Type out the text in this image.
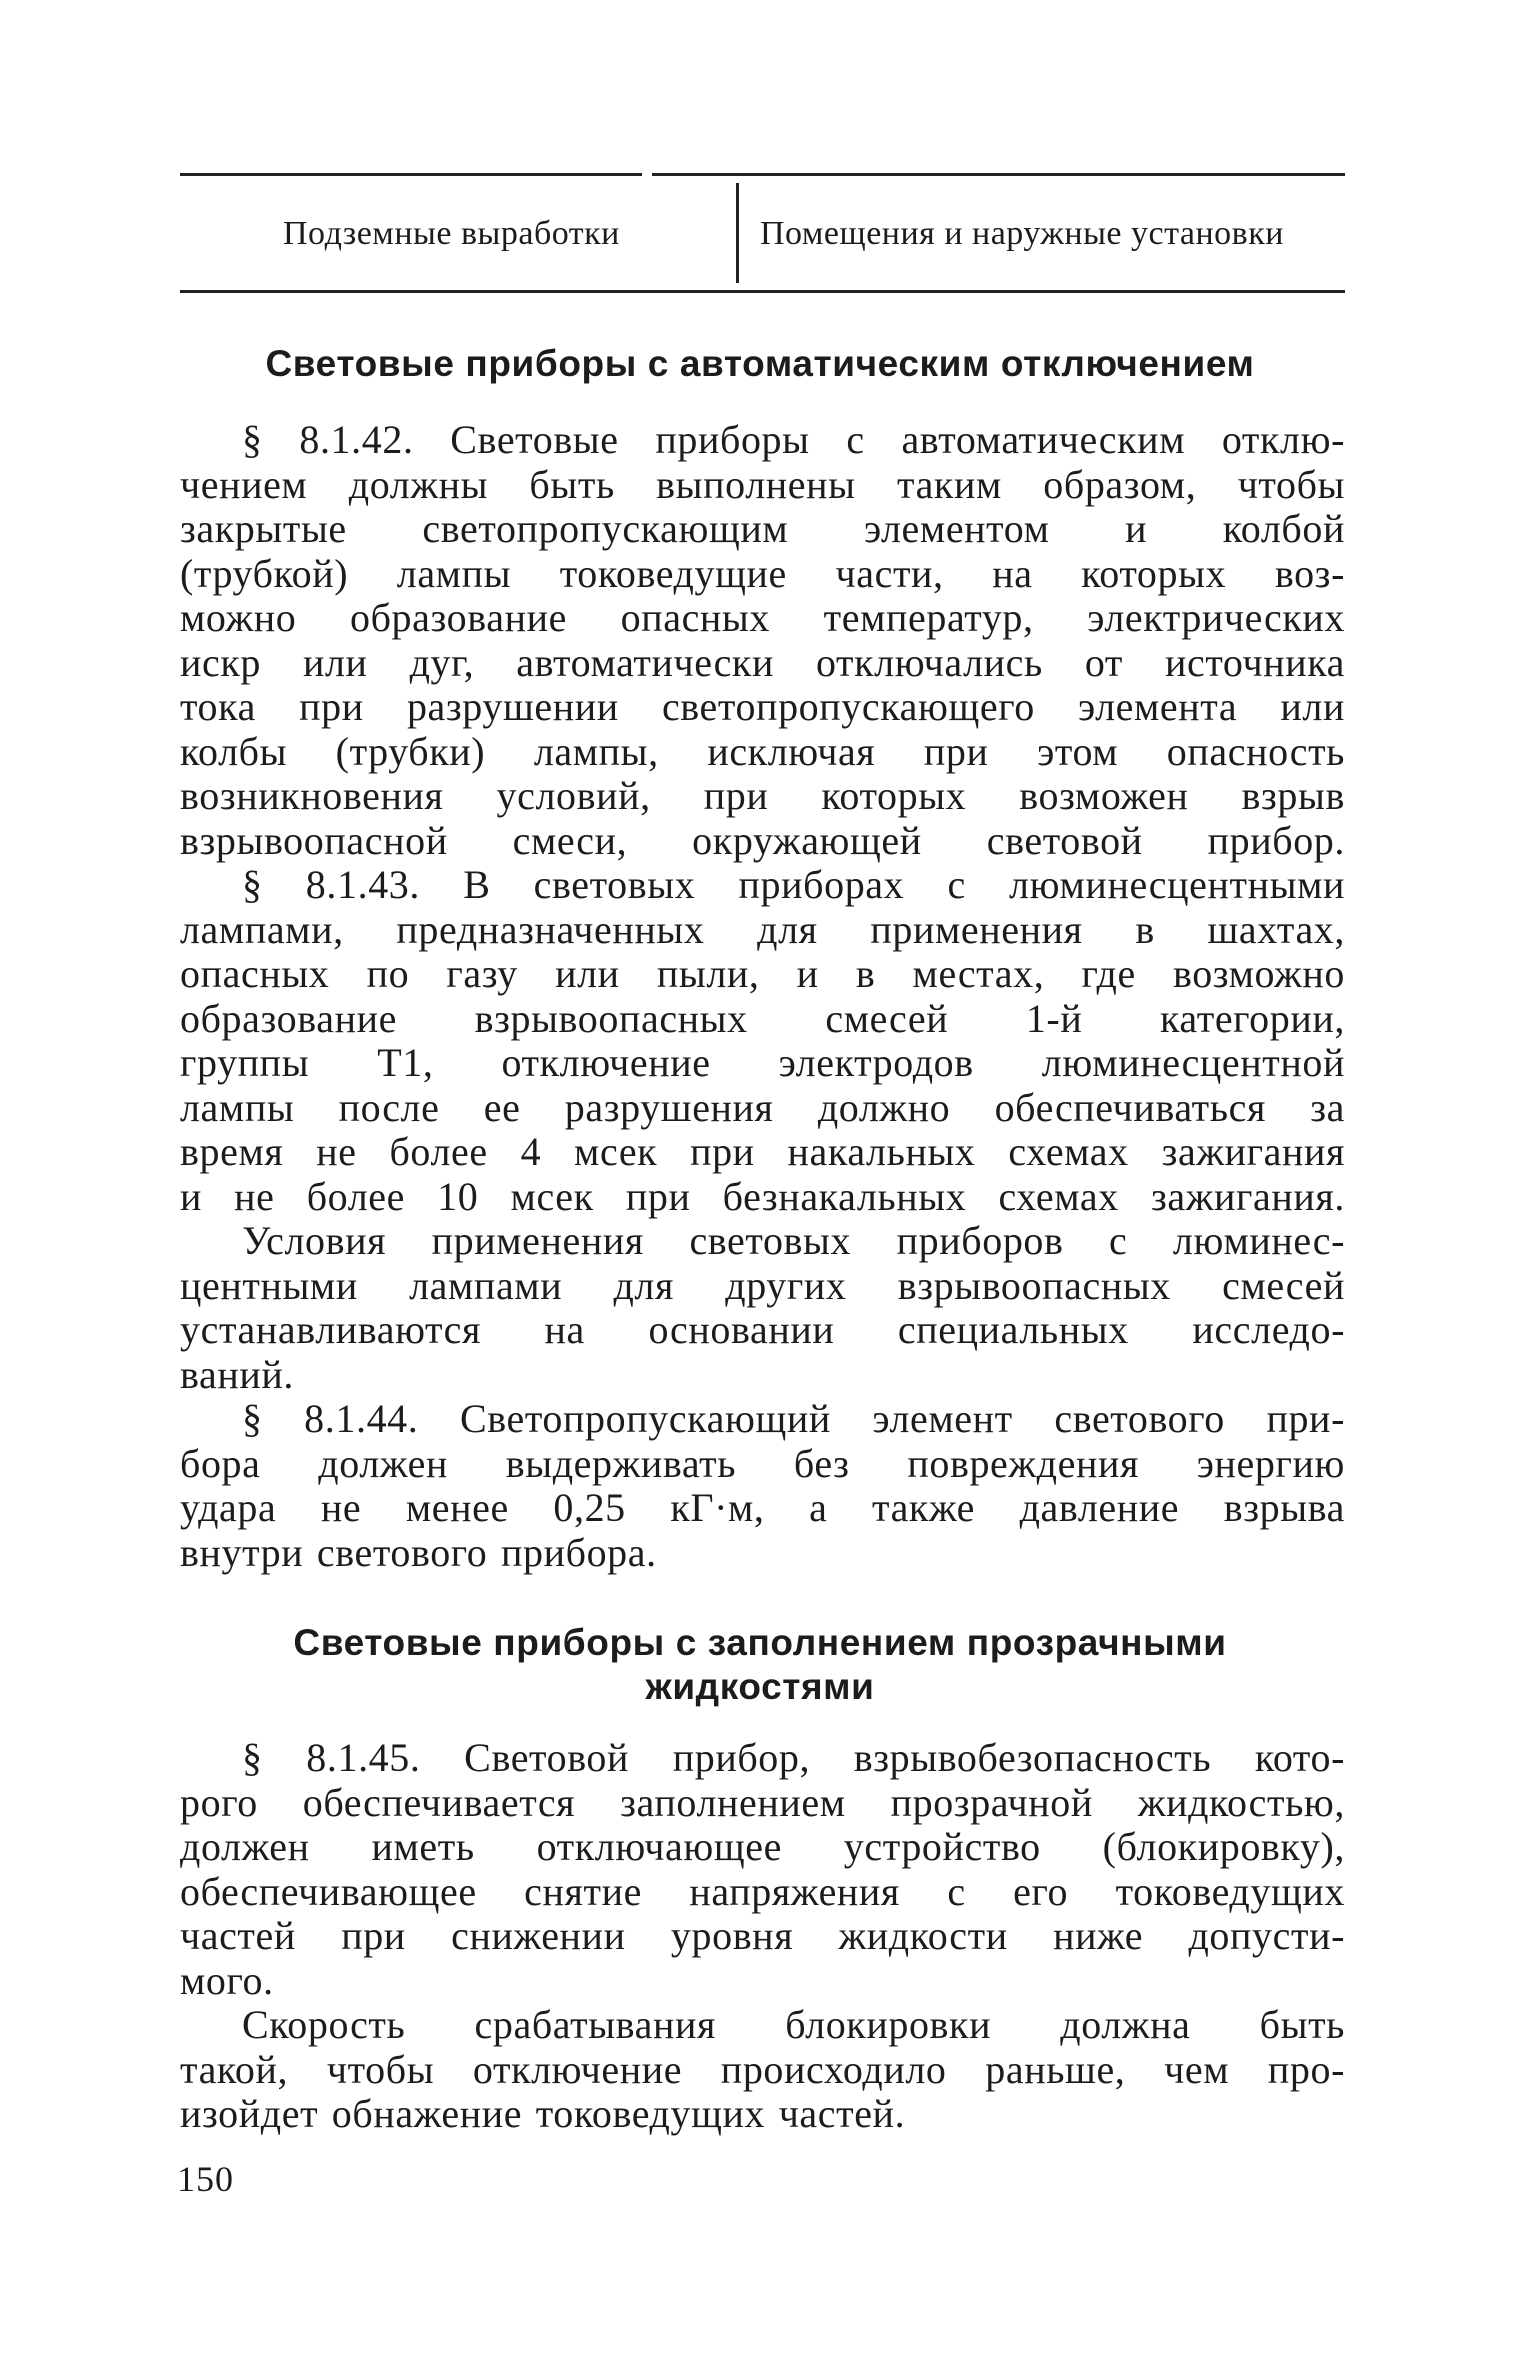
Подземные выработки	Помещения и наружные установки
Световые приборы с автоматическим отключением
§ 8.1.42. Световые приборы с автоматическим отклю-
чением должны быть выполнены таким образом, чтобы
закрытые светопропускающим элементом и колбой
(трубкой) лампы токоведущие части, на которых воз-
можно образование опасных температур, электрических
искр или дуг, автоматически отключались от источника
тока при разрушении светопропускающего элемента или
колбы (трубки) лампы, исключая при этом опасность
возникновения условий, при которых возможен взрыв
взрывоопасной смеси, окружающей световой прибор.
§ 8.1.43. В световых приборах с люминесцентными
лампами, предназначенных для применения в шахтах,
опасных по газу или пыли, и в местах, где возможно
образование взрывоопасных смесей 1-й категории,
группы T1, отключение электродов люминесцентной
лампы после ее разрушения должно обеспечиваться за
время не более 4 мсек при накальных схемах зажигания
и не более 10 мсек при безнакальных схемах зажигания.
Условия применения световых приборов с люминес-
центными лампами для других взрывоопасных смесей
устанавливаются на основании специальных исследо-
ваний.
§ 8.1.44. Светопропускающий элемент светового при-
бора должен выдерживать без повреждения энергию
удара не менее 0,25 кГ·м, а также давление взрыва
внутри светового прибора.
Световые приборы с заполнением прозрачными
жидкостями
§ 8.1.45. Световой прибор, взрывобезопасность кото-
рого обеспечивается заполнением прозрачной жидкостью,
должен иметь отключающее устройство (блокировку),
обеспечивающее снятие напряжения с его токоведущих
частей при снижении уровня жидкости ниже допусти-
мого.
Скорость срабатывания блокировки должна быть
такой, чтобы отключение происходило раньше, чем про-
изойдет обнажение токоведущих частей.
150
